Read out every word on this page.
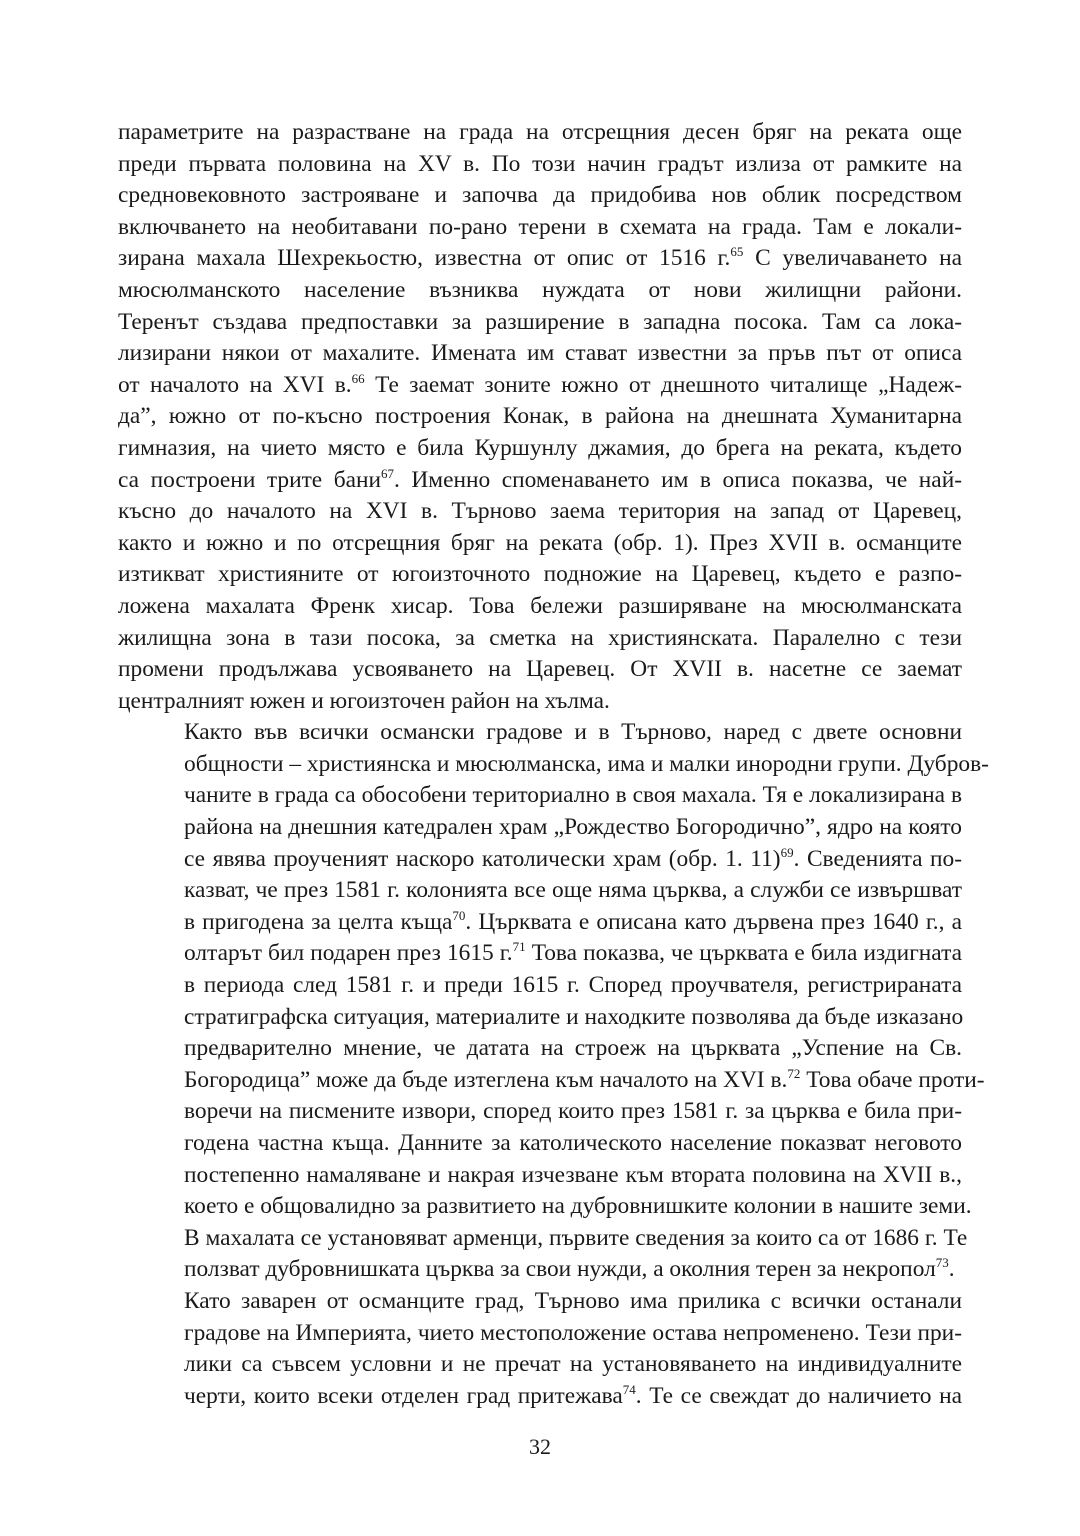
параметрите на разрастване на града на отсрещния десен бряг на реката още
преди първата половина на XV в. По този начин градът излиза от рамките на
средновековното застрояване и започва да придобива нов облик посредством
включването на необитавани по-рано терени в схемата на града. Там е локали-
зирана махала Шехрекьостю, известна от опис от 1516 г.$^{65}$ С увеличаването на
мюсюлманското население възниква нуждата от нови жилищни райони.
Теренът създава предпоставки за разширение в западна посока. Там са лока-
лизирани някои от махалите. Имената им стават известни за пръв път от описа
от началото на XVI в.$^{66}$ Те заемат зоните южно от днешното читалище „Надеж-
да”, южно от по-късно построения Конак, в района на днешната Хуманитарна
гимназия, на чието място е била Куршунлу джамия, до брега на реката, където
са построени трите бани$^{67}$. Именно споменаването им в описа показва, че най-
късно до началото на XVI в. Търново заема територия на запад от Царевец,
както и южно и по отсрещния бряг на реката (обр. 1). През XVII в. османците
изтикват християните от югоизточното подножие на Царевец, където е разпо-
ложена махалата Френк хисар. Това бележи разширяване на мюсюлманската
жилищна зона в тази посока, за сметка на християнската. Паралелно с тези
промени продължава усвояването на Царевец. От XVII в. насетне се заемат
централният южен и югоизточен район на хълма.

Както във всички османски градове и в Търново, наред с двете основни
общности – християнска и мюсюлманска, има и малки инородни групи. Дубров-
чаните в града са обособени териториално в своя махала. Тя е локализирана в
района на днешния катедрален храм „Рождество Богородично”, ядро на която
се явява проученият наскоро католически храм (обр. 1. 11)$^{69}$. Сведенията по-
казват, че през 1581 г. колонията все още няма църква, а служби се извършват
в пригодена за целта къща$^{70}$. Църквата е описана като дървена през 1640 г., а
олтарът бил подарен през 1615 г.$^{71}$ Това показва, че църквата е била издигната
в периода след 1581 г. и преди 1615 г. Според проучвателя, регистрираната
стратиграфска ситуация, материалите и находките позволява да бъде изказано
предварително мнение, че датата на строеж на църквата „Успение на Св.
Богородица” може да бъде изтеглена към началото на XVI в.$^{72}$ Това обаче проти-
воречи на писмените извори, според които през 1581 г. за църква е била при-
годена частна къща. Данните за католическото население показват неговото
постепенно намаляване и накрая изчезване към втората половина на XVII в.,
което е общовалидно за развитието на дубровнишките колонии в нашите земи.
В махалата се установяват арменци, първите сведения за които са от 1686 г. Те
ползват дубровнишката църква за свои нужди, а околния терен за некропол$^{73}$.

Като заварен от османците град, Търново има прилика с всички останали
градове на Империята, чието местоположение остава непроменено. Тези при-
лики са съвсем условни и не пречат на установяването на индивидуалните
черти, които всеки отделен град притежава$^{74}$. Те се свеждат до наличието на

32
